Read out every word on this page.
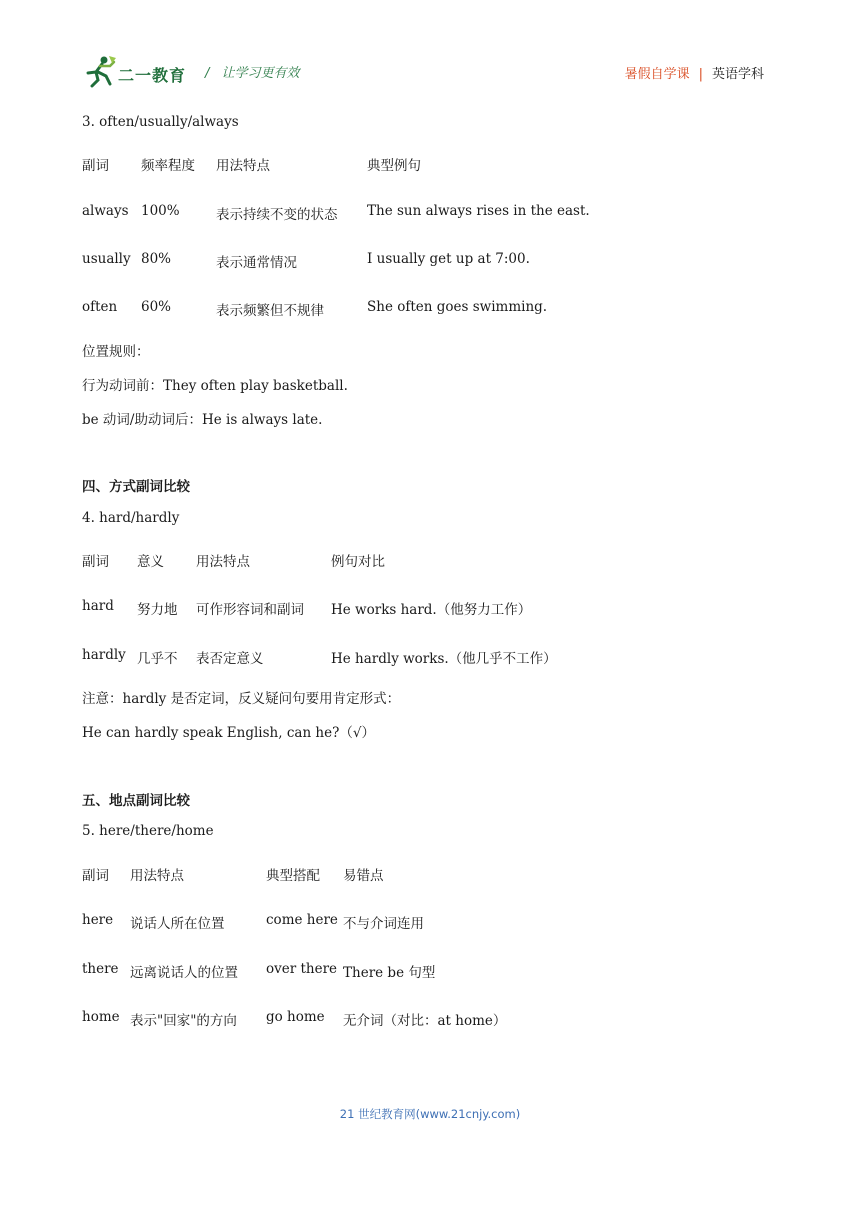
二一教育 / 让学习更有效	暑假自学课 | 英语学科
3. often/usually/always
副词 频率程度 用法特点	典型例句
always 100%	表示持续不变的状态 The sun always rises in the east.
usually 80%	表示通常情况	I usually get up at 7:00.
often 60%	表示频繁但不规律	She often goes swimming.
位置规则：
行为动词前：They often play basketball.
be 动词/助动词后：He is always late.
四、方式副词比较
4. hard/hardly
副词 意义 用法特点	例句对比
hard 努力地 可作形容词和副词 He works hard.（他努力工作）
hardly 几乎不 表否定意义	He hardly works.（他几乎不工作）
注意：hardly 是否定词，反义疑问句要用肯定形式：
He can hardly speak English, can he?（√）
五、地点副词比较
5. here/there/home
副词 用法特点	典型搭配 易错点
here 说话人所在位置	come here 不与介词连用
there 远离说话人的位置 over there There be 句型
home 表示"回家"的方向 go home 无介词（对比：at home）
21 世纪教育网(www.21cnjy.com)
